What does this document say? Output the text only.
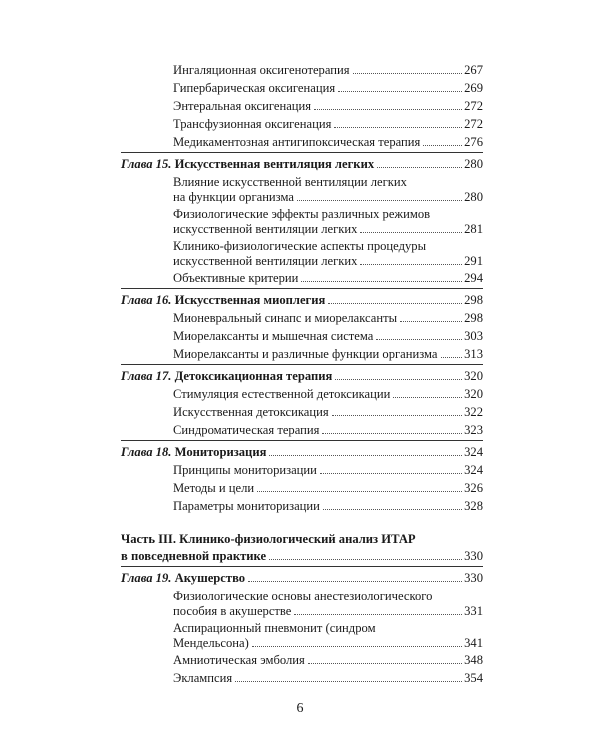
Ингаляционная оксигенотерапия	267
Гипербарическая оксигенация	269
Энтеральная оксигенация	272
Трансфузионная оксигенация	272
Медикаментозная антигипоксическая терапия	276
Глава 15. Искусственная вентиляция легких	280
Влияние искусственной вентиляции легких
на функции организма	280
Физиологические эффекты различных режимов
искусственной вентиляции легких	281
Клинико-физиологические аспекты процедуры
искусственной вентиляции легких	291
Объективные критерии	294
Глава 16. Искусственная миоплегия	298
Мионевральный синапс и миорелаксанты	298
Миорелаксанты и мышечная система	303
Миорелаксанты и различные функции организма 313
Глава 17. Детоксикационная терапия	320
Стимуляция естественной детоксикации	320
Искусственная детоксикация	322
Синдроматическая терапия	323
Глава 18. Мониторизация	324
Принципы мониторизации	324
Методы и цели	326
Параметры мониторизации	328
Часть III. Клинико-физиологический анализ ИТАР
в повседневной практике	330
Глава 19. Акушерство	330
Физиологические основы анестезиологического
пособия в акушерстве	331
Аспирационный пневмонит (синдром
Мендельсона)	341
Амниотическая эмболия	348
Эклампсия	354
6
